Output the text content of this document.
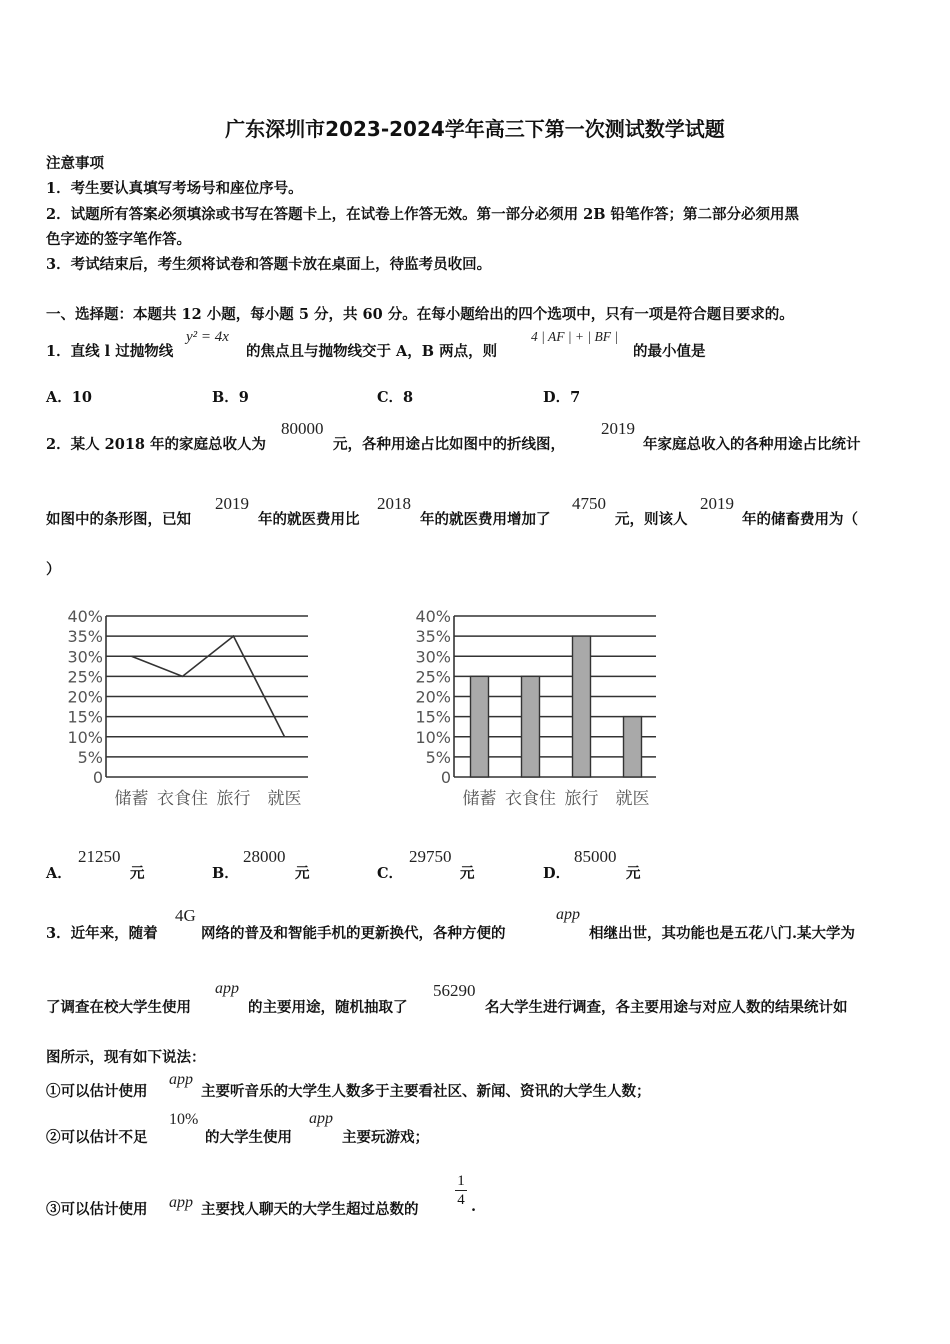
广东深圳市2023-2024学年高三下第一次测试数学试题
注意事项
1．考生要认真填写考场号和座位序号。
2．试题所有答案必须填涂或书写在答题卡上，在试卷上作答无效。第一部分必须用 2B 铅笔作答；第二部分必须用黑
色字迹的签字笔作答。
3．考试结束后，考生须将试卷和答题卡放在桌面上，待监考员收回。
一、选择题：本题共 12 小题，每小题 5 分，共 60 分。在每小题给出的四个选项中，只有一项是符合题目要求的。
1．直线 l 过抛物线
y² = 4x
的焦点且与抛物线交于 A，B 两点，则
4 | AF | + | BF |
的最小值是
A．10	B．9	C．8	D．7
2．某人 2018 年的家庭总收人为
80000
元，各种用途占比如图中的折线图，
2019
年家庭总收入的各种用途占比统计
如图中的条形图，已知
2019
年的就医费用比
2018
年的就医费用增加了
4750
元，则该人
2019
年的储畜费用为（
）
0
5%
10%
15%
20%
25%
30%
35%
40%
储蓄 衣食住 旅行 就医
0
5%
10%
15%
20%
25%
30%
35%
40%
储蓄 衣食住 旅行 就医
A．
21250
元	B．
28000
元	C．
29750
元	D．
85000
元
3．近年来，随着
4G
网络的普及和智能手机的更新换代，各种方便的
app
相继出世，其功能也是五花八门.某大学为
了调查在校大学生使用
app
的主要用途，随机抽取了
56290
名大学生进行调查，各主要用途与对应人数的结果统计如
图所示，现有如下说法：
①可以估计使用
app
主要听音乐的大学生人数多于主要看社区、新闻、资讯的大学生人数；
②可以估计不足
10%
的大学生使用
app
主要玩游戏；
③可以估计使用 app 主要找人聊天的大学生超过总数的
1
4 .
